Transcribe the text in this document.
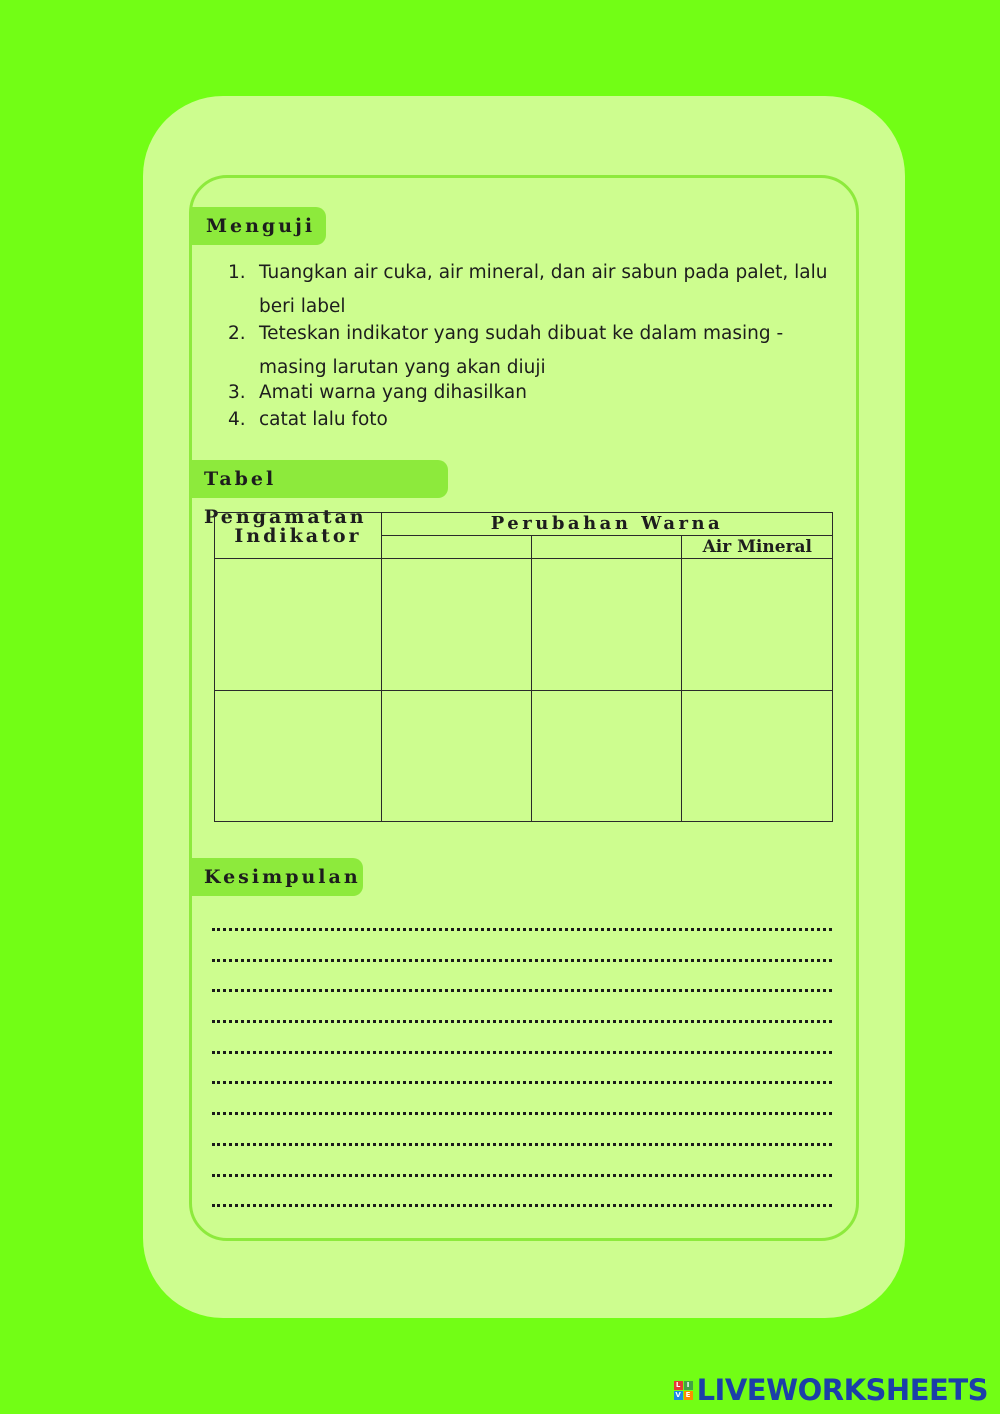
Menguji
1. Tuangkan air cuka, air mineral, dan air sabun pada palet, lalu
beri label
2. Teteskan indikator yang sudah dibuat ke dalam masing -
masing larutan yang akan diuji
3. Amati warna yang dihasilkan
4. catat lalu foto
Tabel Pengamatan
Indikator	Perubahan Warna		
			Air Mineral

Kesimpulan
L I
V E LIVEWORKSHEETS
